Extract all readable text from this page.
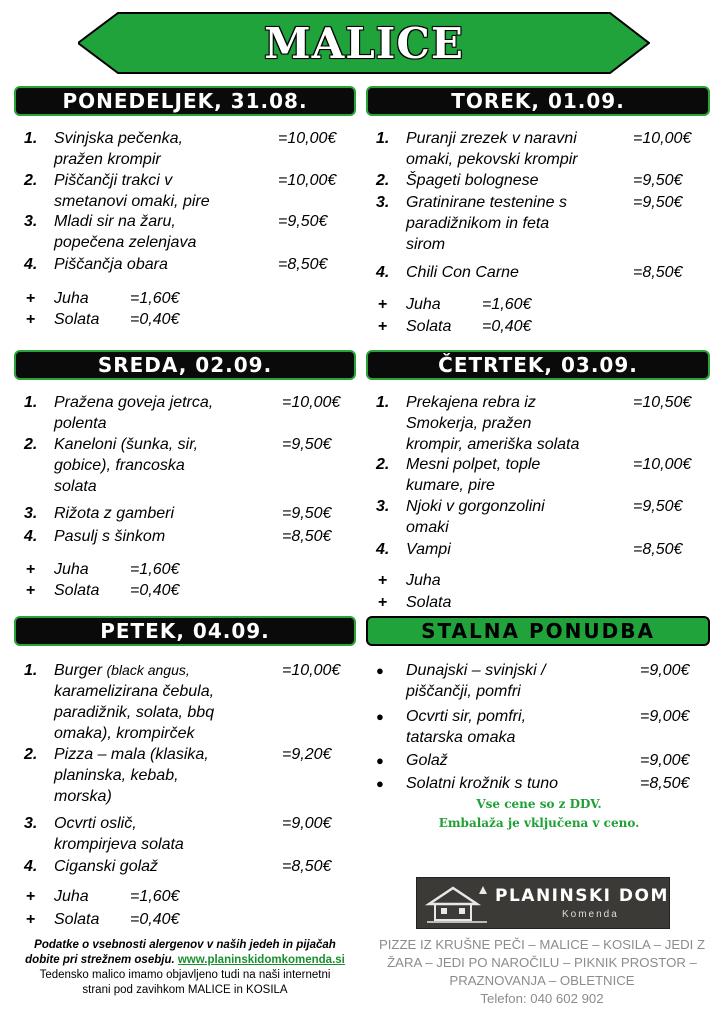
MALICE
PONEDELJEK, 31.08.
1. Svinjska pečenka,
pražen krompir
=10,00€
2. Piščančji trakci v
smetanovi omaki, pire
=10,00€
3. Mladi sir na žaru,
popečena zelenjava
=9,50€
4. Piščančja obara	=8,50€
+ Juha	=1,60€
+ Solata =0,40€
TOREK, 01.09.
1. Puranji zrezek v naravni
omaki, pekovski krompir
=10,00€
2. Špageti bolognese	=9,50€
3. Gratinirane testenine s
paradižnikom in feta
sirom
=9,50€
4. Chili Con Carne	=8,50€
+ Juha	=1,60€
+ Solata =0,40€
SREDA, 02.09.
1. Pražena goveja jetrca,
polenta
=10,00€
2. Kaneloni (šunka, sir,
gobice), francoska
solata
=9,50€
3. Rižota z gamberi	=9,50€
4. Pasulj s šinkom	=8,50€
+ Juha	=1,60€
+ Solata =0,40€
ČETRTEK, 03.09.
1. Prekajena rebra iz
Smokerja, pražen
krompir, ameriška solata
=10,50€
2. Mesni polpet, tople
kumare, pire
=10,00€
3. Njoki v gorgonzolini
omaki
=9,50€
4. Vampi	=8,50€
+ Juha
+ Solata
PETEK, 04.09.
1. Burger (black angus,
karamelizirana čebula,
paradižnik, solata, bbq
omaka), krompirček
=10,00€
2. Pizza – mala (klasika,
planinska, kebab,
morska)
=9,20€
3. Ocvrti oslič,
krompirjeva solata
=9,00€
4. Ciganski golaž	=8,50€
+ Juha	=1,60€
+ Solata =0,40€
STALNA PONUDBA
● Dunajski – svinjski /
piščančji, pomfri
=9,00€
● Ocvrti sir, pomfri,
tatarska omaka
=9,00€
● Golaž	=9,00€
● Solatni krožnik s tuno	=8,50€
Vse cene so z DDV.
Embalaža je vključena v ceno.
Podatke o vsebnosti alergenov v naših jedeh in pijačah
dobite pri strežnem osebju. www.planinskidomkomenda.si
Tedensko malico imamo objavljeno tudi na naši internetni
strani pod zavihkom MALICE in KOSILA
PLANINSKI DOM
Komenda
PIZZE IZ KRUŠNE PEČI – MALICE – KOSILA – JEDI Z
ŽARA – JEDI PO NAROČILU – PIKNIK PROSTOR –
PRAZNOVANJA – OBLETNICE
Telefon: 040 602 902
